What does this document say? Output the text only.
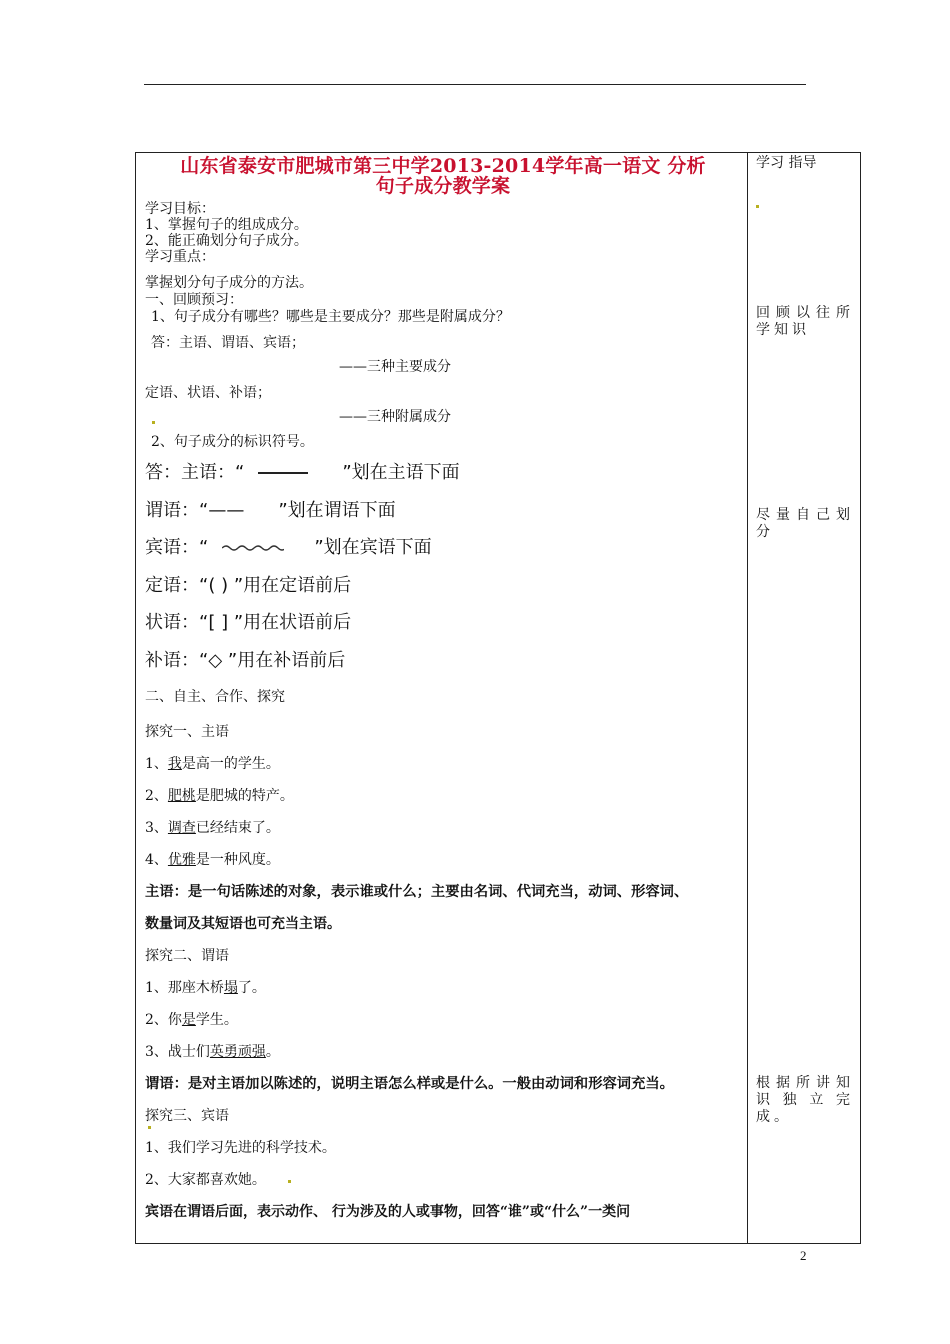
山东省泰安市肥城市第三中学2013-2014学年高一语文 分析
句子成分教学案
学习目标：
1、掌握句子的组成成分。
2、能正确划分句子成分。
学习重点：
掌握划分句子成分的方法。
一、回顾预习：
1、句子成分有哪些？哪些是主要成分？那些是附属成分？
答：主语、谓语、宾语；
——三种主要成分
定语、状语、补语；
——三种附属成分
2、句子成分的标识符号。
答：主语：“	”划在主语下面
谓语：“—— ”划在谓语下面
宾语：“	”划在宾语下面
定语：“( ) ”用在定语前后
状语：“[ ] ”用在状语前后
补语：“◇ ”用在补语前后
二、自主、合作、探究
探究一、主语
1、我是高一的学生。
2、肥桃是肥城的特产。
3、调查已经结束了。
4、优雅是一种风度。
主语：是一句话陈述的对象，表示谁或什么；主要由名词、代词充当，动词、形容词、
数量词及其短语也可充当主语。
探究二、谓语
1、那座木桥塌了。
2、你是学生。
3、战士们英勇顽强。
谓语：是对主语加以陈述的，说明主语怎么样或是什么。一般由动词和形容词充当。
探究三、宾语
1、我们学习先进的科学技术。
2、大家都喜欢她。
宾语在谓语后面，表示动作、 行为涉及的人或事物，回答“谁”或“什么”一类问
学习 指导
回顾以往所学知识
尽量自己划分
根据所讲知识独立完成。
2
